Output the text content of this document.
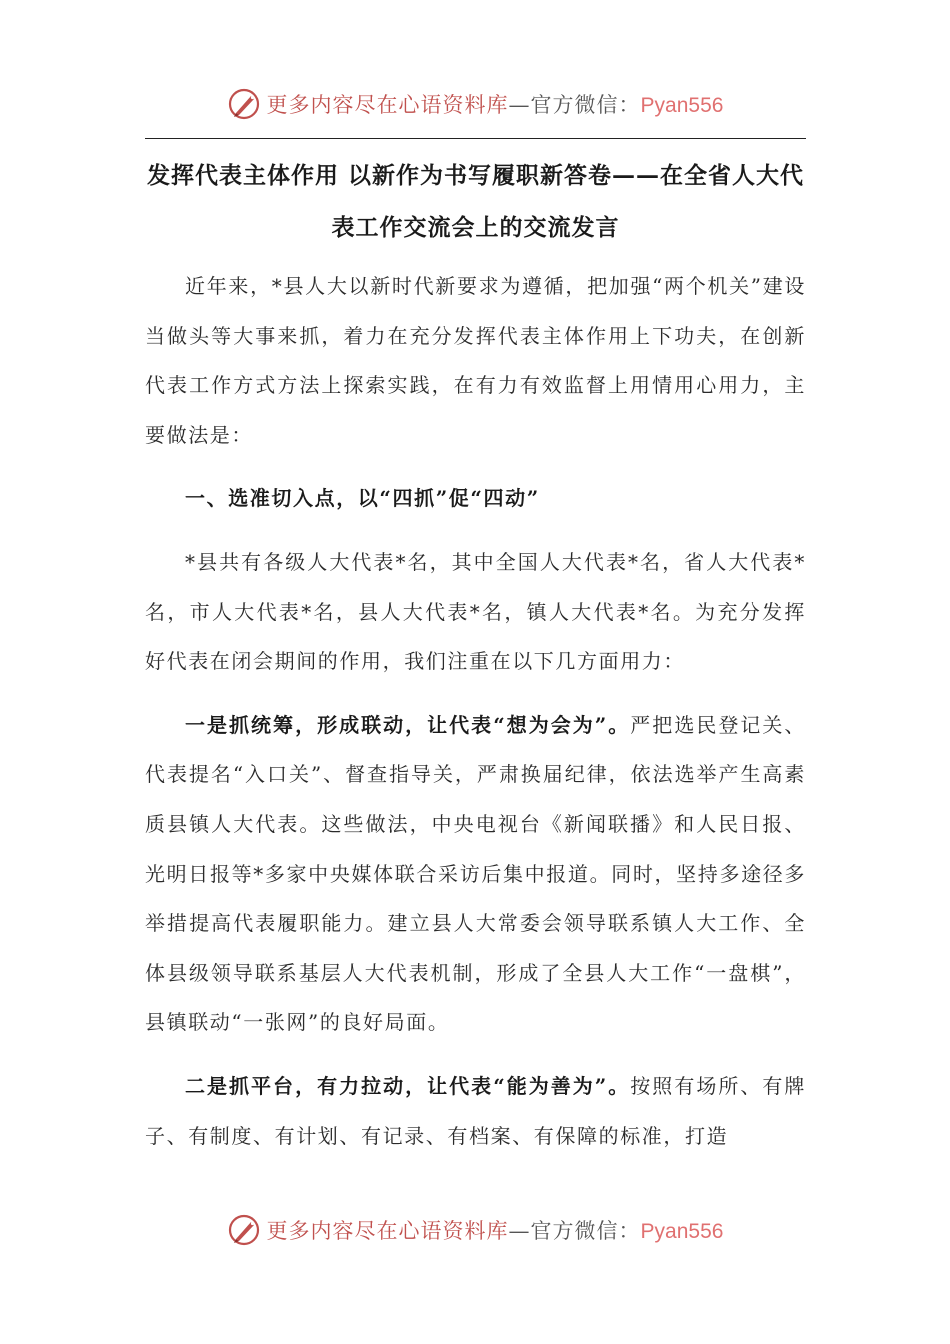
更多内容尽在心语资料库—官方微信：Pyan556
发挥代表主体作用 以新作为书写履职新答卷——在全省人大代表工作交流会上的交流发言

近年来，*县人大以新时代新要求为遵循，把加强“两个机关”建设当做头等大事来抓，着力在充分发挥代表主体作用上下功夫，在创新代表工作方式方法上探索实践，在有力有效监督上用情用心用力，主要做法是：

一、选准切入点，以“四抓”促“四动”

*县共有各级人大代表*名，其中全国人大代表*名，省人大代表*名，市人大代表*名，县人大代表*名，镇人大代表*名。为充分发挥好代表在闭会期间的作用，我们注重在以下几方面用力：

一是抓统筹，形成联动，让代表“想为会为”。严把选民登记关、代表提名“入口关”、督查指导关，严肃换届纪律，依法选举产生高素质县镇人大代表。这些做法，中央电视台《新闻联播》和人民日报、光明日报等*多家中央媒体联合采访后集中报道。同时，坚持多途径多举措提高代表履职能力。建立县人大常委会领导联系镇人大工作、全体县级领导联系基层人大代表机制，形成了全县人大工作“一盘棋”，县镇联动“一张网”的良好局面。

二是抓平台，有力拉动，让代表“能为善为”。按照有场所、有牌子、有制度、有计划、有记录、有档案、有保障的标准，打造

更多内容尽在心语资料库—官方微信：Pyan556
